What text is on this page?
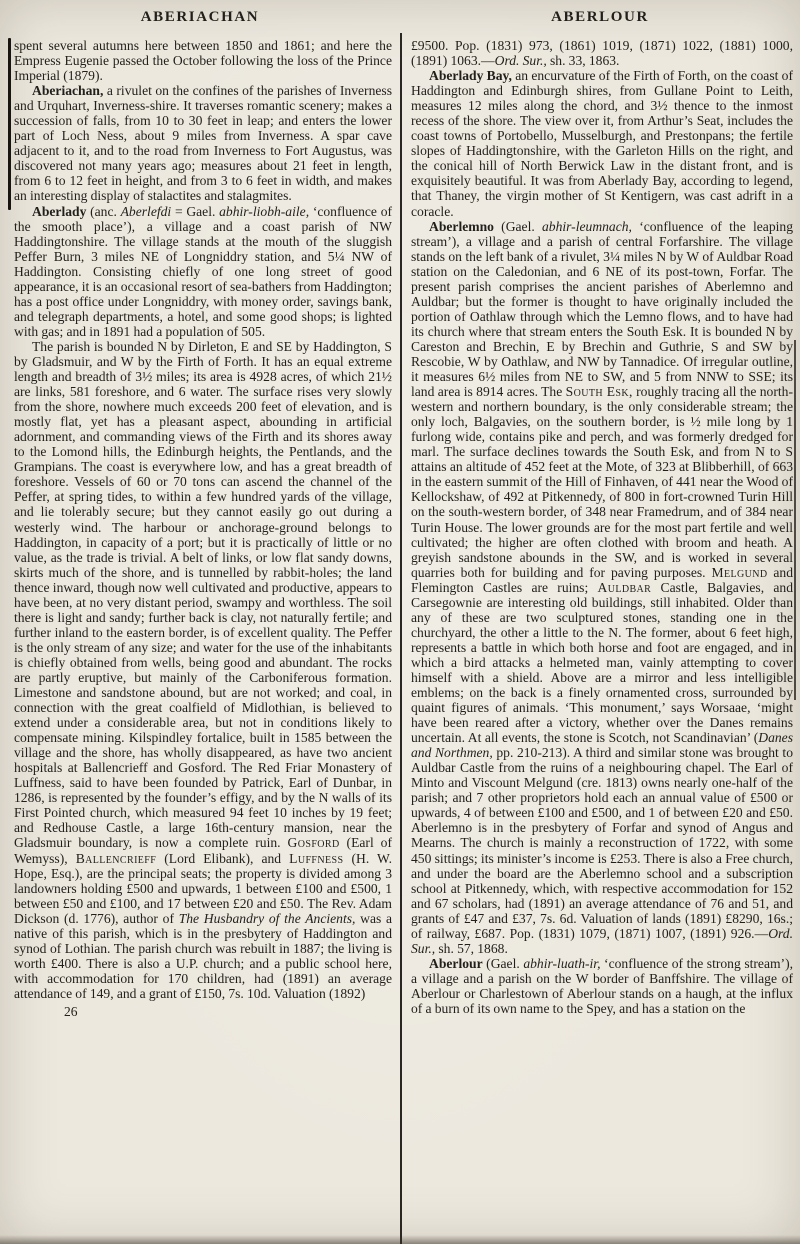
ABERIACHAN	ABERLOUR

spent several autumns here between 1850 and 1861; and here the Empress Eugenie passed the October following the loss of the Prince Imperial (1879).

Aberiachan, a rivulet on the confines of the parishes of Inverness and Urquhart, Inverness-shire. It traverses romantic scenery; makes a succession of falls, from 10 to 30 feet in leap; and enters the lower part of Loch Ness, about 9 miles from Inverness. A spar cave adjacent to it, and to the road from Inverness to Fort Augustus, was discovered not many years ago; measures about 21 feet in length, from 6 to 12 feet in height, and from 3 to 6 feet in width, and makes an interesting display of stalactites and stalagmites.

Aberlady (anc. Aberlefdi = Gael. abhir-liobh-aile, ‘confluence of the smooth place’), a village and a coast parish of NW Haddingtonshire. The village stands at the mouth of the sluggish Peffer Burn, 3 miles NE of Longniddry station, and 5¼ NW of Haddington. Consisting chiefly of one long street of good appearance, it is an occasional resort of sea-bathers from Haddington; has a post office under Longniddry, with money order, savings bank, and telegraph departments, a hotel, and some good shops; is lighted with gas; and in 1891 had a population of 505.

The parish is bounded N by Dirleton, E and SE by Haddington, S by Gladsmuir, and W by the Firth of Forth. It has an equal extreme length and breadth of 3½ miles; its area is 4928 acres, of which 21½ are links, 581 foreshore, and 6 water. The surface rises very slowly from the shore, nowhere much exceeds 200 feet of elevation, and is mostly flat, yet has a pleasant aspect, abounding in artificial adornment, and commanding views of the Firth and its shores away to the Lomond hills, the Edinburgh heights, the Pentlands, and the Grampians. The coast is everywhere low, and has a great breadth of foreshore. Vessels of 60 or 70 tons can ascend the channel of the Peffer, at spring tides, to within a few hundred yards of the village, and lie tolerably secure; but they cannot easily go out during a westerly wind. The harbour or anchorage-ground belongs to Haddington, in capacity of a port; but it is practically of little or no value, as the trade is trivial. A belt of links, or low flat sandy downs, skirts much of the shore, and is tunnelled by rabbit-holes; the land thence inward, though now well cultivated and productive, appears to have been, at no very distant period, swampy and worthless. The soil there is light and sandy; further back is clay, not naturally fertile; and further inland to the eastern border, is of excellent quality. The Peffer is the only stream of any size; and water for the use of the inhabitants is chiefly obtained from wells, being good and abundant. The rocks are partly eruptive, but mainly of the Carboniferous formation. Limestone and sandstone abound, but are not worked; and coal, in connection with the great coalfield of Midlothian, is believed to extend under a considerable area, but not in conditions likely to compensate mining. Kilspindley fortalice, built in 1585 between the village and the shore, has wholly disappeared, as have two ancient hospitals at Ballencrieff and Gosford. The Red Friar Monastery of Luffness, said to have been founded by Patrick, Earl of Dunbar, in 1286, is represented by the founder’s effigy, and by the N walls of its First Pointed church, which measured 94 feet 10 inches by 19 feet; and Redhouse Castle, a large 16th-century mansion, near the Gladsmuir boundary, is now a complete ruin. Gosford (Earl of Wemyss), Ballencrieff (Lord Elibank), and Luffness (H. W. Hope, Esq.), are the principal seats; the property is divided among 3 landowners holding £500 and upwards, 1 between £100 and £500, 1 between £50 and £100, and 17 between £20 and £50. The Rev. Adam Dickson (d. 1776), author of The Husbandry of the Ancients, was a native of this parish, which is in the presbytery of Haddington and synod of Lothian. The parish church was rebuilt in 1887; the living is worth £400. There is also a U.P. church; and a public school here, with accommodation for 170 children, had (1891) an average attendance of 149, and a grant of £150, 7s. 10d. Valuation (1892)

26

£9500. Pop. (1831) 973, (1861) 1019, (1871) 1022, (1881) 1000, (1891) 1063.—Ord. Sur., sh. 33, 1863.

Aberlady Bay, an encurvature of the Firth of Forth, on the coast of Haddington and Edinburgh shires, from Gullane Point to Leith, measures 12 miles along the chord, and 3½ thence to the inmost recess of the shore. The view over it, from Arthur’s Seat, includes the coast towns of Portobello, Musselburgh, and Prestonpans; the fertile slopes of Haddingtonshire, with the Garleton Hills on the right, and the conical hill of North Berwick Law in the distant front, and is exquisitely beautiful. It was from Aberlady Bay, according to legend, that Thaney, the virgin mother of St Kentigern, was cast adrift in a coracle.

Aberlemno (Gael. abhir-leumnach, ‘confluence of the leaping stream’), a village and a parish of central Forfarshire. The village stands on the left bank of a rivulet, 3¼ miles N by W of Auldbar Road station on the Caledonian, and 6 NE of its post-town, Forfar. The present parish comprises the ancient parishes of Aberlemno and Auldbar; but the former is thought to have originally included the portion of Oathlaw through which the Lemno flows, and to have had its church where that stream enters the South Esk. It is bounded N by Careston and Brechin, E by Brechin and Guthrie, S and SW by Rescobie, W by Oathlaw, and NW by Tannadice. Of irregular outline, it measures 6½ miles from NE to SW, and 5 from NNW to SSE; its land area is 8914 acres. The South Esk, roughly tracing all the north-western and northern boundary, is the only considerable stream; the only loch, Balgavies, on the southern border, is ½ mile long by 1 furlong wide, contains pike and perch, and was formerly dredged for marl. The surface declines towards the South Esk, and from N to S attains an altitude of 452 feet at the Mote, of 323 at Blibberhill, of 663 in the eastern summit of the Hill of Finhaven, of 441 near the Wood of Kellockshaw, of 492 at Pitkennedy, of 800 in fort-crowned Turin Hill on the south-western border, of 348 near Framedrum, and of 384 near Turin House. The lower grounds are for the most part fertile and well cultivated; the higher are often clothed with broom and heath. A greyish sandstone abounds in the SW, and is worked in several quarries both for building and for paving purposes. Melgund and Flemington Castles are ruins; Auldbar Castle, Balgavies, and Carsegownie are interesting old buildings, still inhabited. Older than any of these are two sculptured stones, standing one in the churchyard, the other a little to the N. The former, about 6 feet high, represents a battle in which both horse and foot are engaged, and in which a bird attacks a helmeted man, vainly attempting to cover himself with a shield. Above are a mirror and less intelligible emblems; on the back is a finely ornamented cross, surrounded by quaint figures of animals. ‘This monument,’ says Worsaae, ‘might have been reared after a victory, whether over the Danes remains uncertain. At all events, the stone is Scotch, not Scandinavian’ (Danes and Northmen, pp. 210-213). A third and similar stone was brought to Auldbar Castle from the ruins of a neighbouring chapel. The Earl of Minto and Viscount Melgund (cre. 1813) owns nearly one-half of the parish; and 7 other proprietors hold each an annual value of £500 or upwards, 4 of between £100 and £500, and 1 of between £20 and £50. Aberlemno is in the presbytery of Forfar and synod of Angus and Mearns. The church is mainly a reconstruction of 1722, with some 450 sittings; its minister’s income is £253. There is also a Free church, and under the board are the Aberlemno school and a subscription school at Pitkennedy, which, with respective accommodation for 152 and 67 scholars, had (1891) an average attendance of 76 and 51, and grants of £47 and £37, 7s. 6d. Valuation of lands (1891) £8290, 16s.; of railway, £687. Pop. (1831) 1079, (1871) 1007, (1891) 926.—Ord. Sur., sh. 57, 1868.

Aberlour (Gael. abhir-luath-ir, ‘confluence of the strong stream’), a village and a parish on the W border of Banffshire. The village of Aberlour or Charlestown of Aberlour stands on a haugh, at the influx of a burn of its own name to the Spey, and has a station on the
